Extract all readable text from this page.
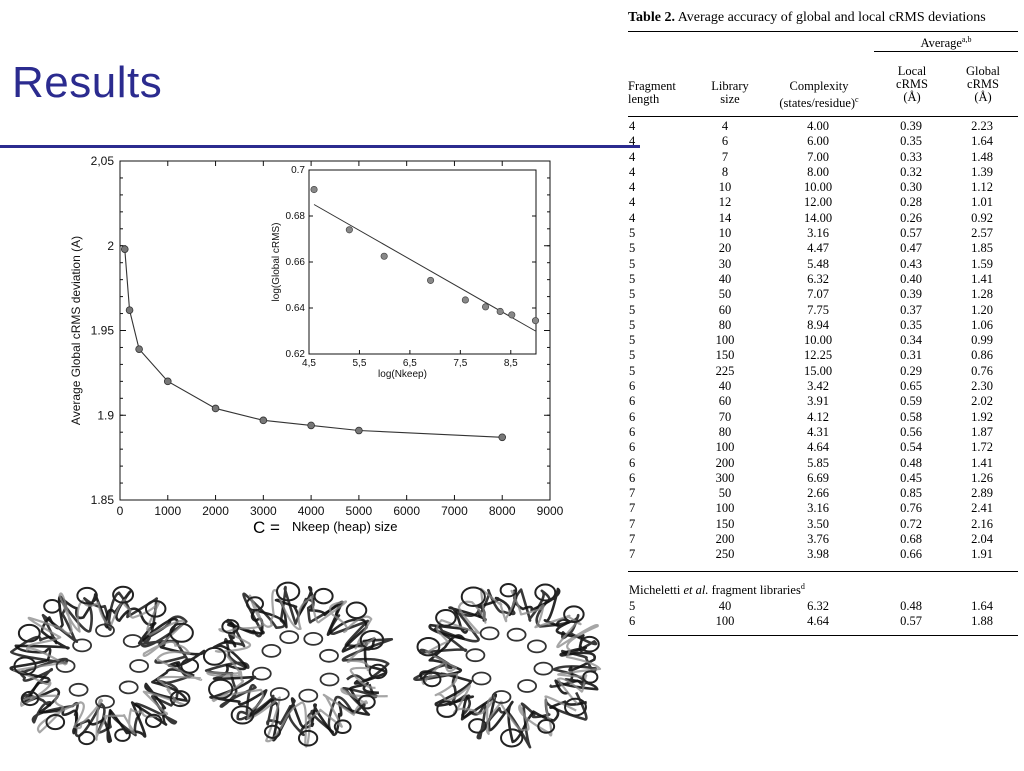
Results
0	1000 2000 3000 4000 5000 6000 7000 8000 9000
1.85
1.9
1.95
2
2,05
Average Global cRMS deviation (A)	4,5	5,5	6,5	7,5	8,5
0.62
0.64
0.66
0.68
0.7
log(Nkeep)
log(Global cRMS)
C = Nkeep (heap) size
Table 2. Average accuracy of global and local cRMS deviations
Average$^{a,b}$
Fragment
length
Library
size
Complexity
(states/residue)$^c$
Local
cRMS
(Å)
Global
cRMS
(Å)
4	4	4.00	0.39	2.23
4	6	6.00	0.35	1.64
4	7	7.00	0.33	1.48
4	8	8.00	0.32	1.39
4	10	10.00	0.30	1.12
4	12	12.00	0.28	1.01
4	14	14.00	0.26	0.92
5	10	3.16	0.57	2.57
5	20	4.47	0.47	1.85
5	30	5.48	0.43	1.59
5	40	6.32	0.40	1.41
5	50	7.07	0.39	1.28
5	60	7.75	0.37	1.20
5	80	8.94	0.35	1.06
5	100	10.00	0.34	0.99
5	150	12.25	0.31	0.86
5	225	15.00	0.29	0.76
6	40	3.42	0.65	2.30
6	60	3.91	0.59	2.02
6	70	4.12	0.58	1.92
6	80	4.31	0.56	1.87
6	100	4.64	0.54	1.72
6	200	5.85	0.48	1.41
6	300	6.69	0.45	1.26
7	50	2.66	0.85	2.89
7	100	3.16	0.76	2.41
7	150	3.50	0.72	2.16
7	200	3.76	0.68	2.04
7	250	3.98	0.66	1.91
Micheletti et al. fragment libraries$^d$
5	40	6.32	0.48	1.64
6	100	4.64	0.57	1.88
